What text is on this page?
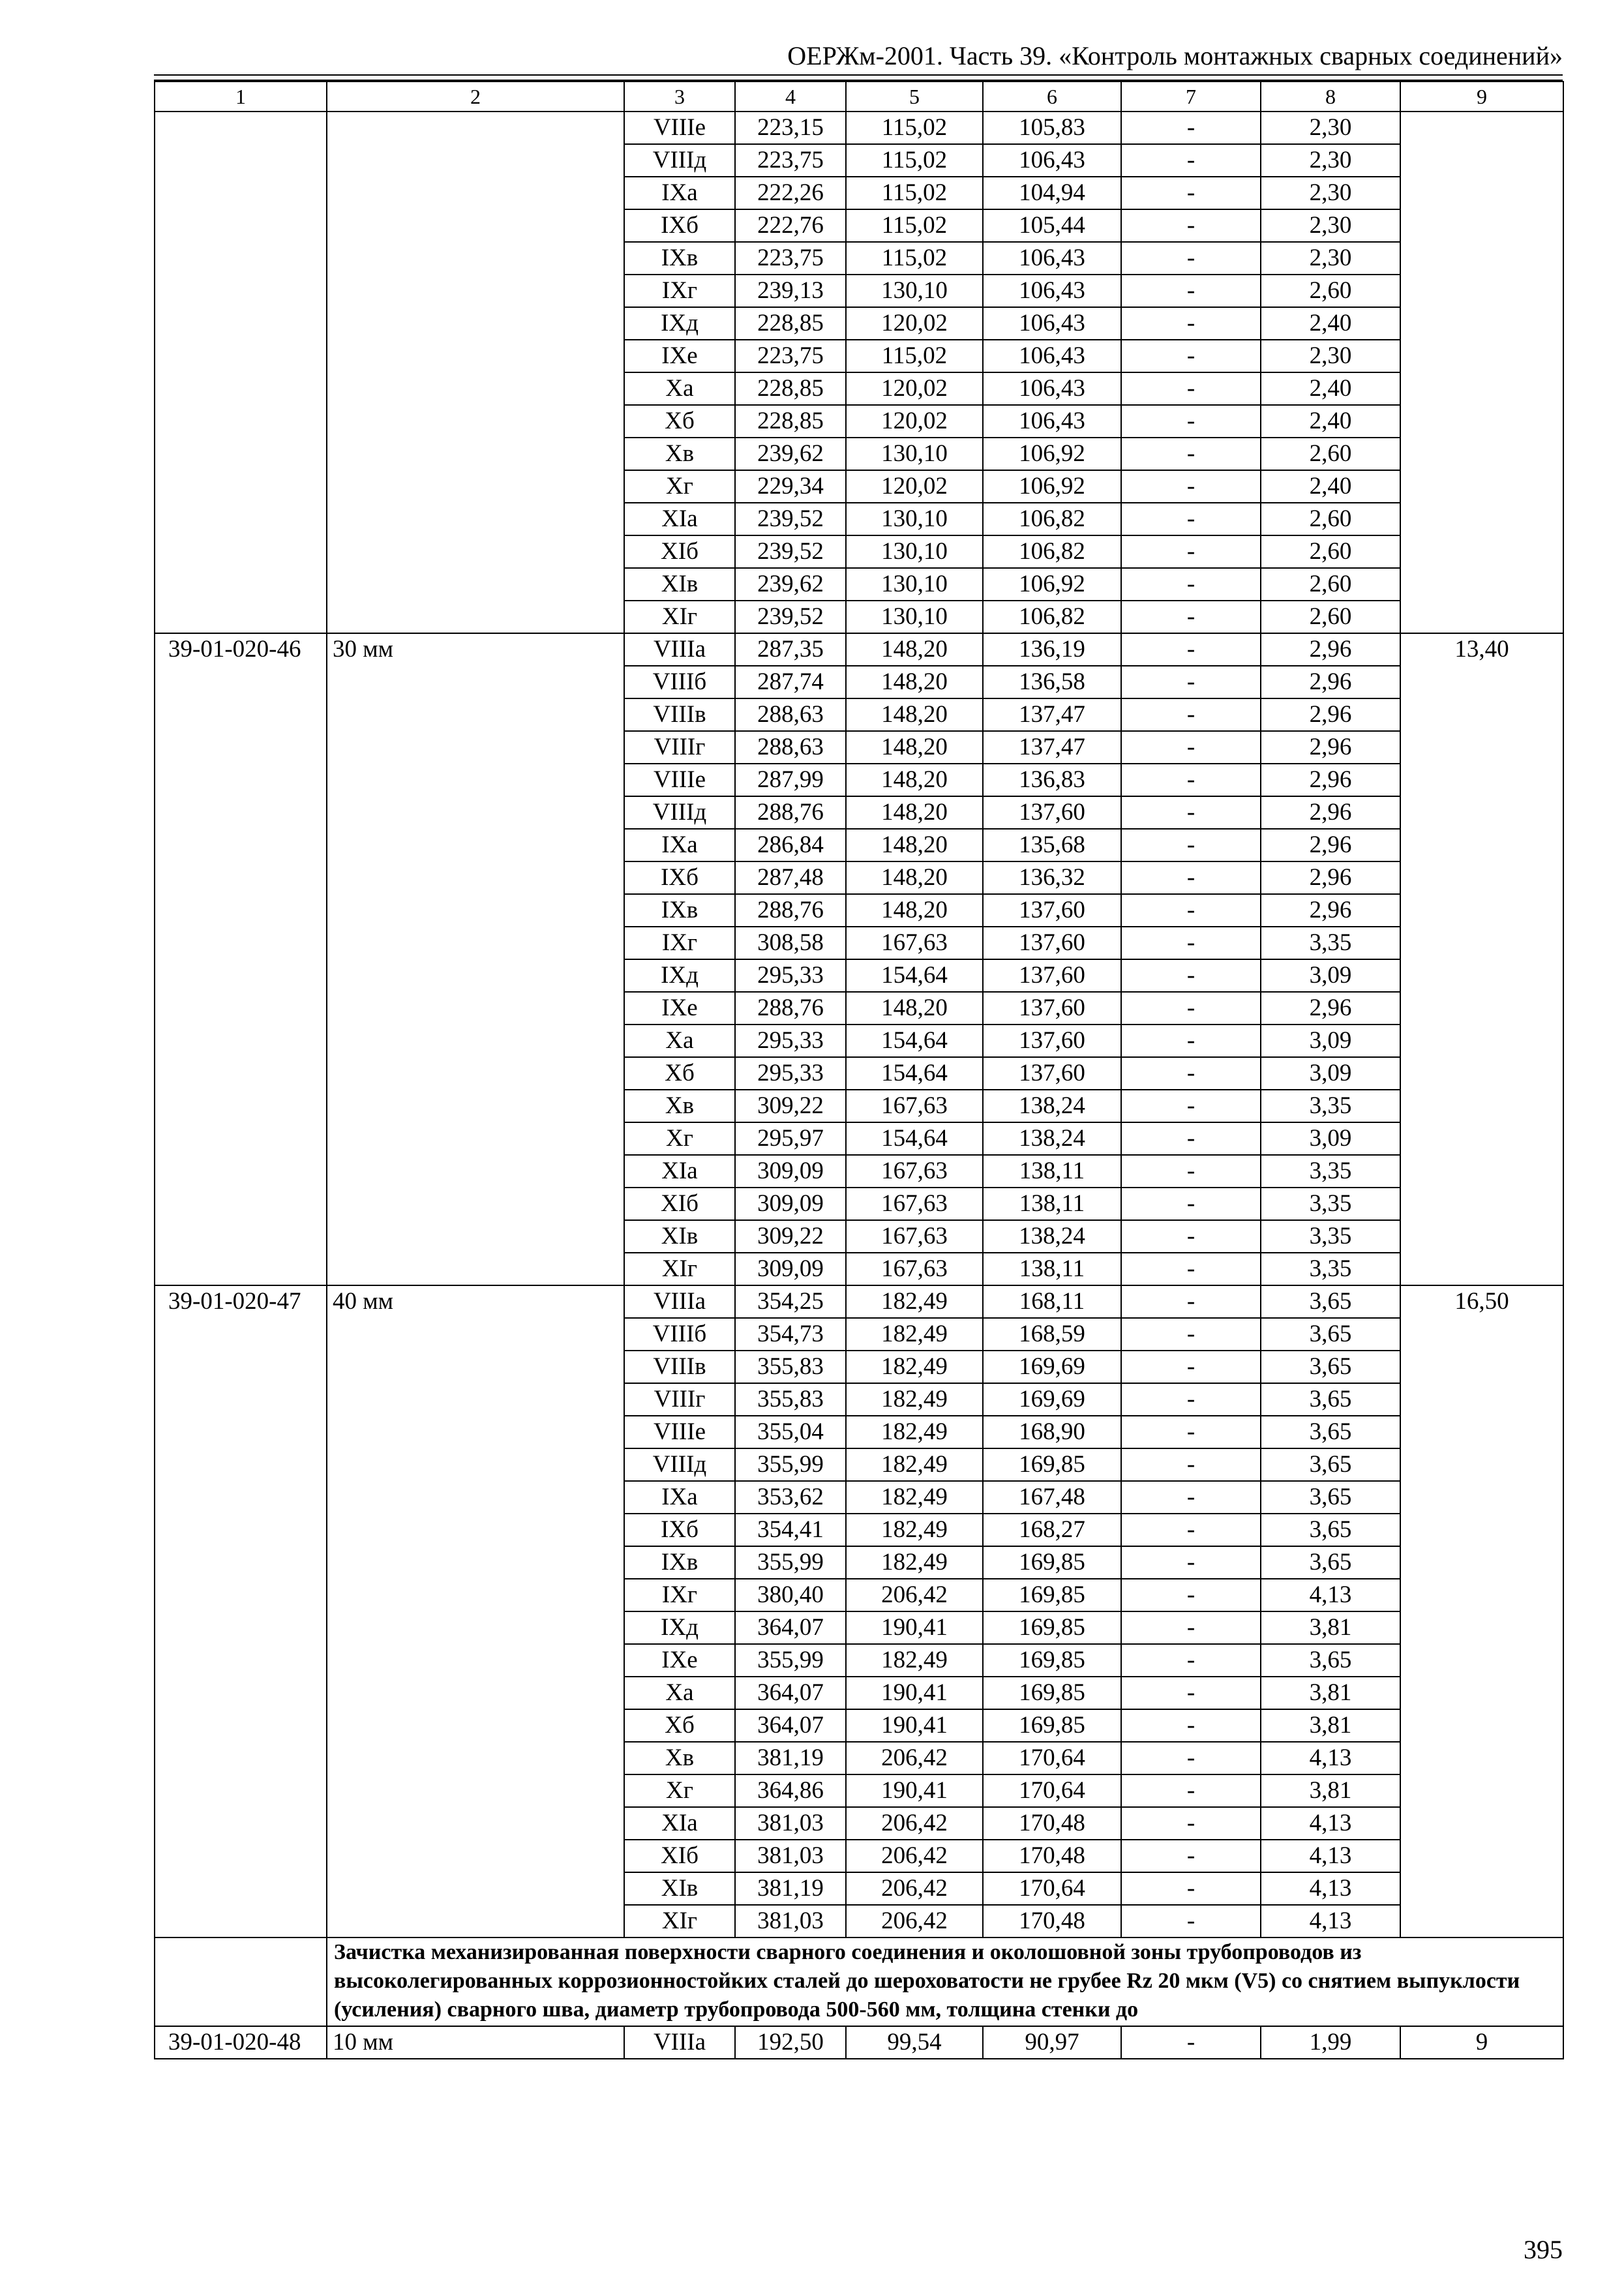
ОЕРЖм-2001. Часть 39. «Контроль монтажных сварных соединений»
1	2	3	4	5	6	7	8	9
		VIIIе	223,15	115,02	105,83	-	2,30	
		VIIIд	223,75	115,02	106,43	-	2,30	
		IXа	222,26	115,02	104,94	-	2,30	
		IXб	222,76	115,02	105,44	-	2,30	
		IXв	223,75	115,02	106,43	-	2,30	
		IXг	239,13	130,10	106,43	-	2,60	
		IXд	228,85	120,02	106,43	-	2,40	
		IXе	223,75	115,02	106,43	-	2,30	
		Xа	228,85	120,02	106,43	-	2,40	
		Xб	228,85	120,02	106,43	-	2,40	
		Xв	239,62	130,10	106,92	-	2,60	
		Xг	229,34	120,02	106,92	-	2,40	
		XIа	239,52	130,10	106,82	-	2,60	
		XIб	239,52	130,10	106,82	-	2,60	
		XIв	239,62	130,10	106,92	-	2,60	
		XIг	239,52	130,10	106,82	-	2,60	
39-01-020-46	30 мм	VIIIа	287,35	148,20	136,19	-	2,96	13,40
		VIIIб	287,74	148,20	136,58	-	2,96	
		VIIIв	288,63	148,20	137,47	-	2,96	
		VIIIг	288,63	148,20	137,47	-	2,96	
		VIIIе	287,99	148,20	136,83	-	2,96	
		VIIIд	288,76	148,20	137,60	-	2,96	
		IXа	286,84	148,20	135,68	-	2,96	
		IXб	287,48	148,20	136,32	-	2,96	
		IXв	288,76	148,20	137,60	-	2,96	
		IXг	308,58	167,63	137,60	-	3,35	
		IXд	295,33	154,64	137,60	-	3,09	
		IXе	288,76	148,20	137,60	-	2,96	
		Xа	295,33	154,64	137,60	-	3,09	
		Xб	295,33	154,64	137,60	-	3,09	
		Xв	309,22	167,63	138,24	-	3,35	
		Xг	295,97	154,64	138,24	-	3,09	
		XIа	309,09	167,63	138,11	-	3,35	
		XIб	309,09	167,63	138,11	-	3,35	
		XIв	309,22	167,63	138,24	-	3,35	
		XIг	309,09	167,63	138,11	-	3,35	
39-01-020-47	40 мм	VIIIа	354,25	182,49	168,11	-	3,65	16,50
		VIIIб	354,73	182,49	168,59	-	3,65	
		VIIIв	355,83	182,49	169,69	-	3,65	
		VIIIг	355,83	182,49	169,69	-	3,65	
		VIIIе	355,04	182,49	168,90	-	3,65	
		VIIIд	355,99	182,49	169,85	-	3,65	
		IXа	353,62	182,49	167,48	-	3,65	
		IXб	354,41	182,49	168,27	-	3,65	
		IXв	355,99	182,49	169,85	-	3,65	
		IXг	380,40	206,42	169,85	-	4,13	
		IXд	364,07	190,41	169,85	-	3,81	
		IXе	355,99	182,49	169,85	-	3,65	
		Xа	364,07	190,41	169,85	-	3,81	
		Xб	364,07	190,41	169,85	-	3,81	
		Xв	381,19	206,42	170,64	-	4,13	
		Xг	364,86	190,41	170,64	-	3,81	
		XIа	381,03	206,42	170,48	-	4,13	
		XIб	381,03	206,42	170,48	-	4,13	
		XIв	381,19	206,42	170,64	-	4,13	
		XIг	381,03	206,42	170,48	-	4,13	
	Зачистка механизированная поверхности сварного соединения и околошовной зоны трубопроводов из высоколегированных коррозионностойких сталей до шероховатости не грубее Rz 20 мкм (V5) со снятием выпуклости (усиления) сварного шва, диаметр трубопровода 500-560 мм, толщина стенки до							
39-01-020-48	10 мм	VIIIа	192,50	99,54	90,97	-	1,99	9
395
